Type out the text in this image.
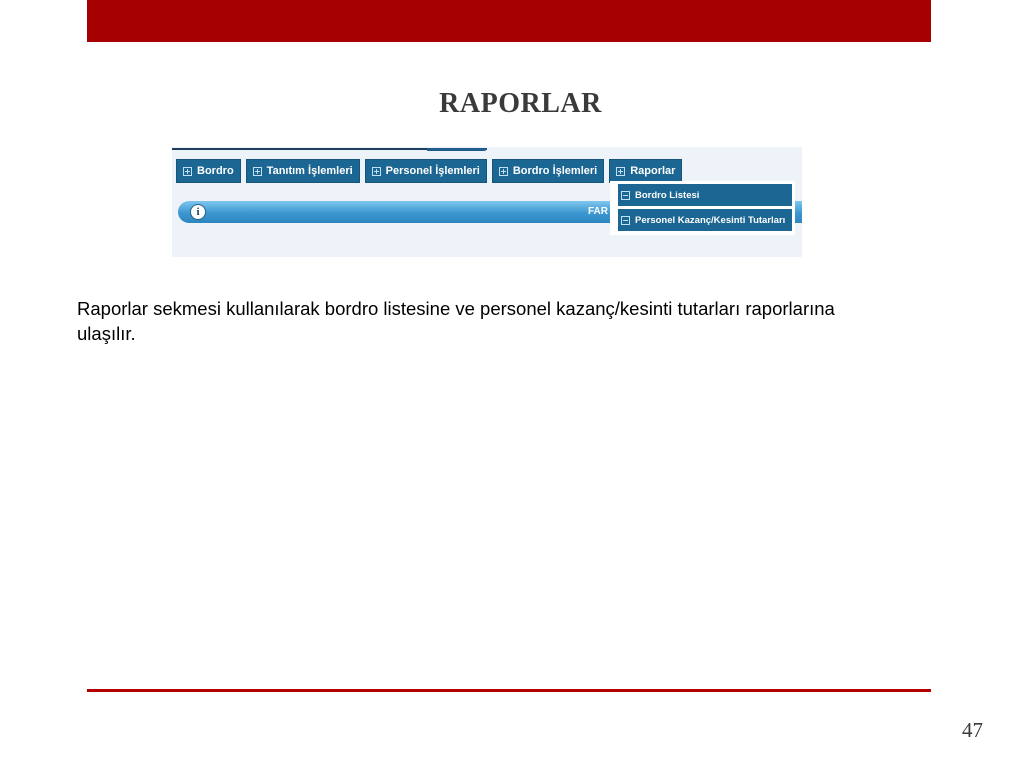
RAPORLAR
Bordro	Tanıtım İşlemleri	Personel İşlemleri	Bordro İşlemleri	Raporlar
i	FAR
Bordro Listesi
Personel Kazanç/Kesinti Tutarları

Raporlar sekmesi kullanılarak bordro listesine ve personel kazanç/kesinti tutarları raporlarına ulaşılır.

47
